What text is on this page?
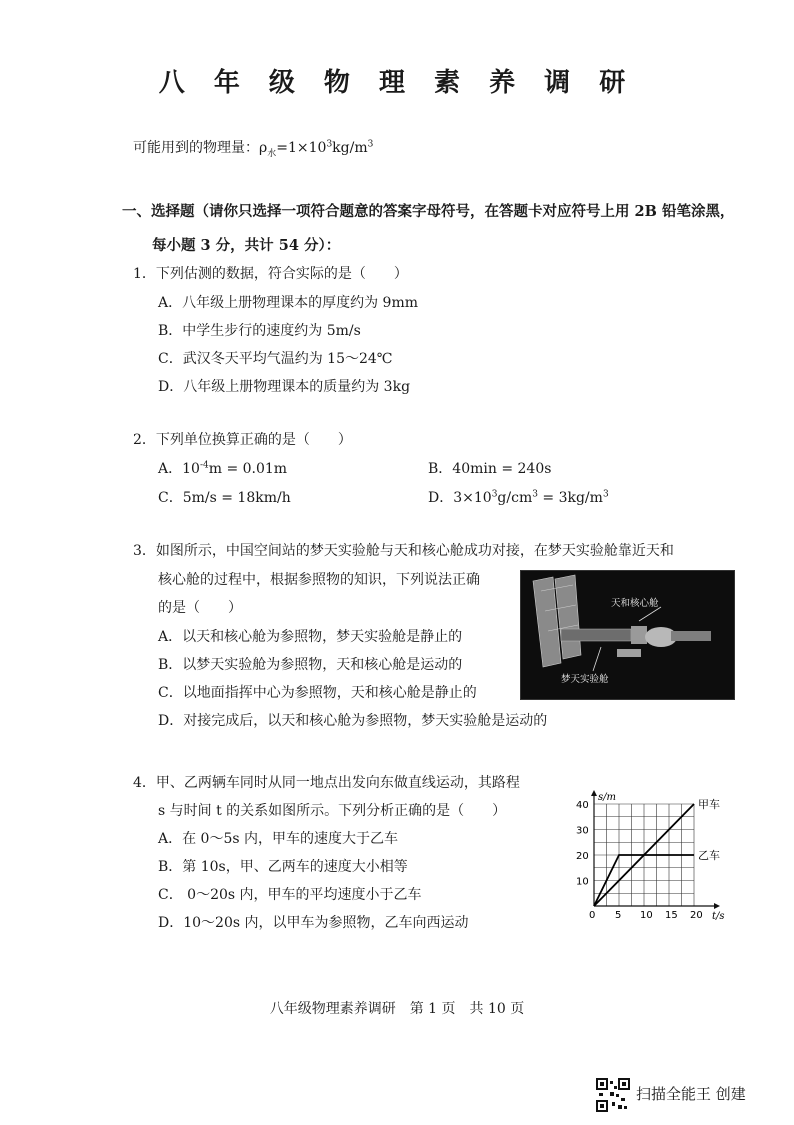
八 年 级 物 理 素 养 调 研
可能用到的物理量：$\rho_水=1\times 10^3kg/m^3$
一、选择题（请你只选择一项符合题意的答案字母符号，在答题卡对应符号上用 2B 铅笔涂黑，
每小题 3 分，共计 54 分）：
1．下列估测的数据，符合实际的是（　　）
A．八年级上册物理课本的厚度约为 9mm
B．中学生步行的速度约为 5m/s
C．武汉冬天平均气温约为 15～24℃
D．八年级上册物理课本的质量约为 3kg
2．下列单位换算正确的是（　　）
A．$10^{-4}m = 0.01m$	B．40min = 240s
C．5m/s = 18km/h	D．$3\times 10^3g/cm^3 = 3kg/m^3$
3．如图所示，中国空间站的梦天实验舱与天和核心舱成功对接，在梦天实验舱靠近天和
核心舱的过程中，根据参照物的知识，下列说法正确
的是（　　）
A．以天和核心舱为参照物，梦天实验舱是静止的
B．以梦天实验舱为参照物，天和核心舱是运动的
C．以地面指挥中心为参照物，天和核心舱是静止的
D．对接完成后，以天和核心舱为参照物，梦天实验舱是运动的
天和核心舱
梦天实验舱
4．甲、乙两辆车同时从同一地点出发向东做直线运动，其路程
s 与时间 t 的关系如图所示。下列分析正确的是（　　）
A．在 0～5s 内，甲车的速度大于乙车
B．第 10s，甲、乙两车的速度大小相等
C． 0～20s 内，甲车的平均速度小于乙车
D．10～20s 内，以甲车为参照物，乙车向西运动	t/s
s/m
0 5 10 15 20
10
20
30
40	甲车
乙车
八年级物理素养调研　第 1 页　共 10 页
扫描全能王 创建
